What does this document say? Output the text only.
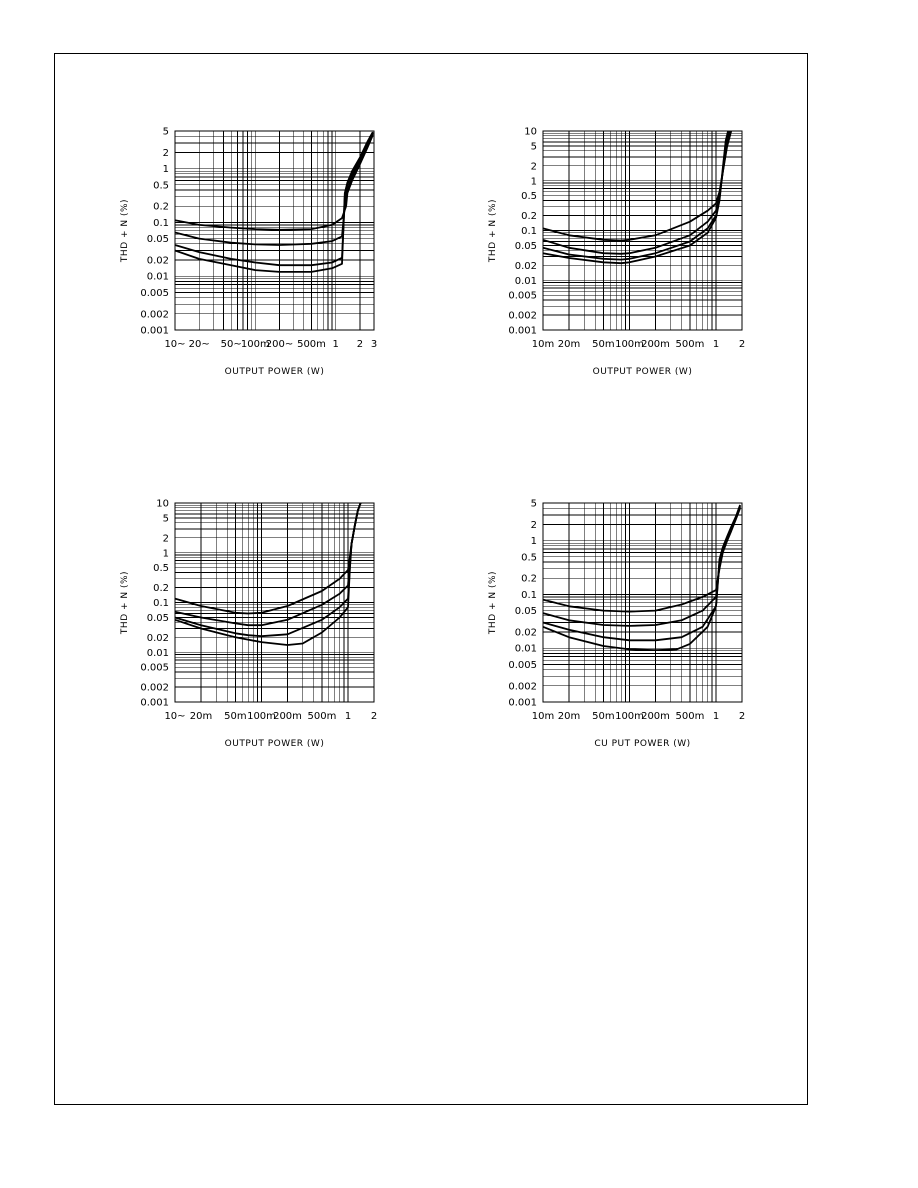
0.001
0.002
0.005
0.01
0.02
0.05
0.1
0.2
0.5
1
2
5
10~ 20~ 50~ 100m
200~ 500m 1 2 3
OUTPUT POWER (W)
THD + N (%)
0.001
0.002
0.005
0.01
0.02
0.05
0.1
0.2
0.5
1
2
5
10
10m 20m 50m 100m
200m 500m 1 2
OUTPUT POWER (W)
THD + N (%)
0.001
0.002
0.005
0.01
0.02
0.05
0.1
0.2
0.5
1
2
5
10
10~ 20m 50m 100m
200m 500m 1 2
OUTPUT POWER (W)
THD + N (%)
0.001
0.002
0.005
0.01
0.02
0.05
0.1
0.2
0.5
1
2
5
10m 20m 50m 100m
200m 500m 1 2
CU PUT POWER (W)
THD + N (%)
